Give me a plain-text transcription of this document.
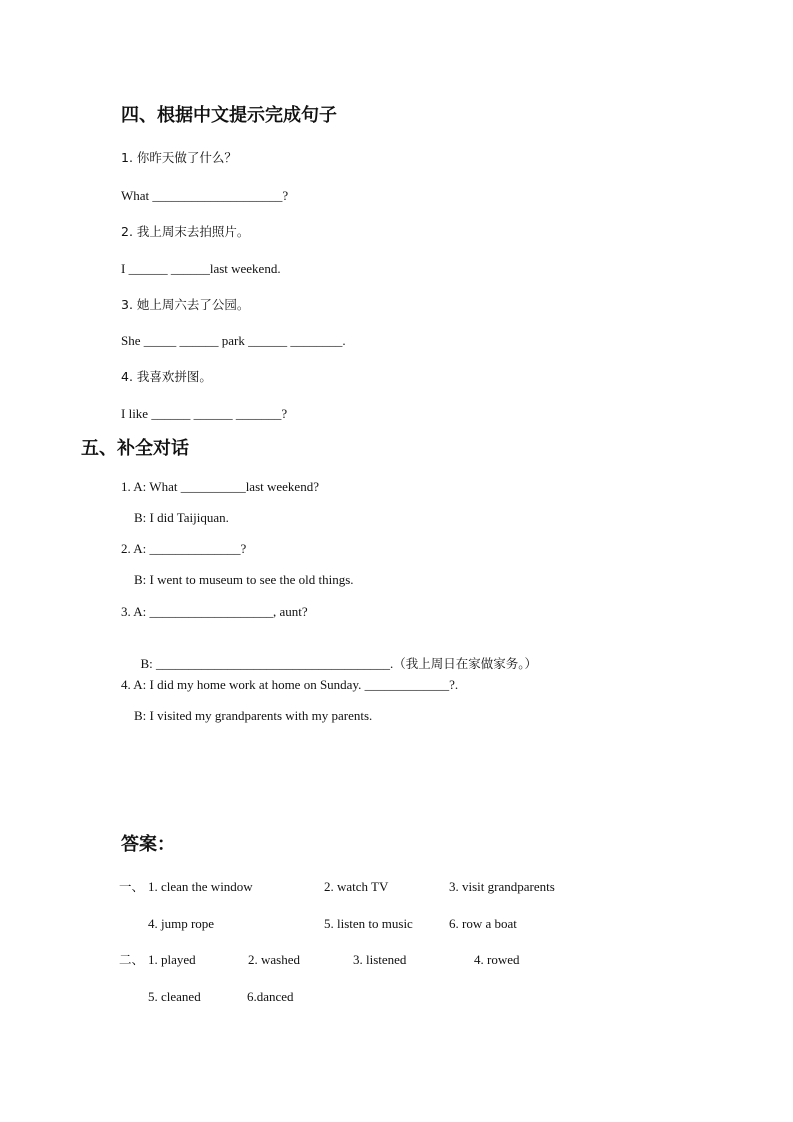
四、根据中文提示完成句子
1. 你昨天做了什么？
What ____________________?
2. 我上周末去拍照片。
I ______ ______last weekend.
3. 她上周六去了公园。
She _____ ______ park ______ ________.
4. 我喜欢拼图。
I like ______ ______ _______?
五、补全对话
1. A: What __________last weekend?
B: I did Taijiquan.
2. A: ______________?
B: I went to museum to see the old things.
3. A: ___________________, aunt?

B: ____________________________________.（我上周日在家做家务。）

4. A: I did my home work at home on Sunday. _____________?.
B: I visited my grandparents with my parents.
答案：
一、 1. clean the window	2. watch TV	3. visit grandparents
4. jump rope	5. listen to music	6. row a boat
二、 1. played	2. washed	3. listened	4. rowed
5. cleaned	6.danced
